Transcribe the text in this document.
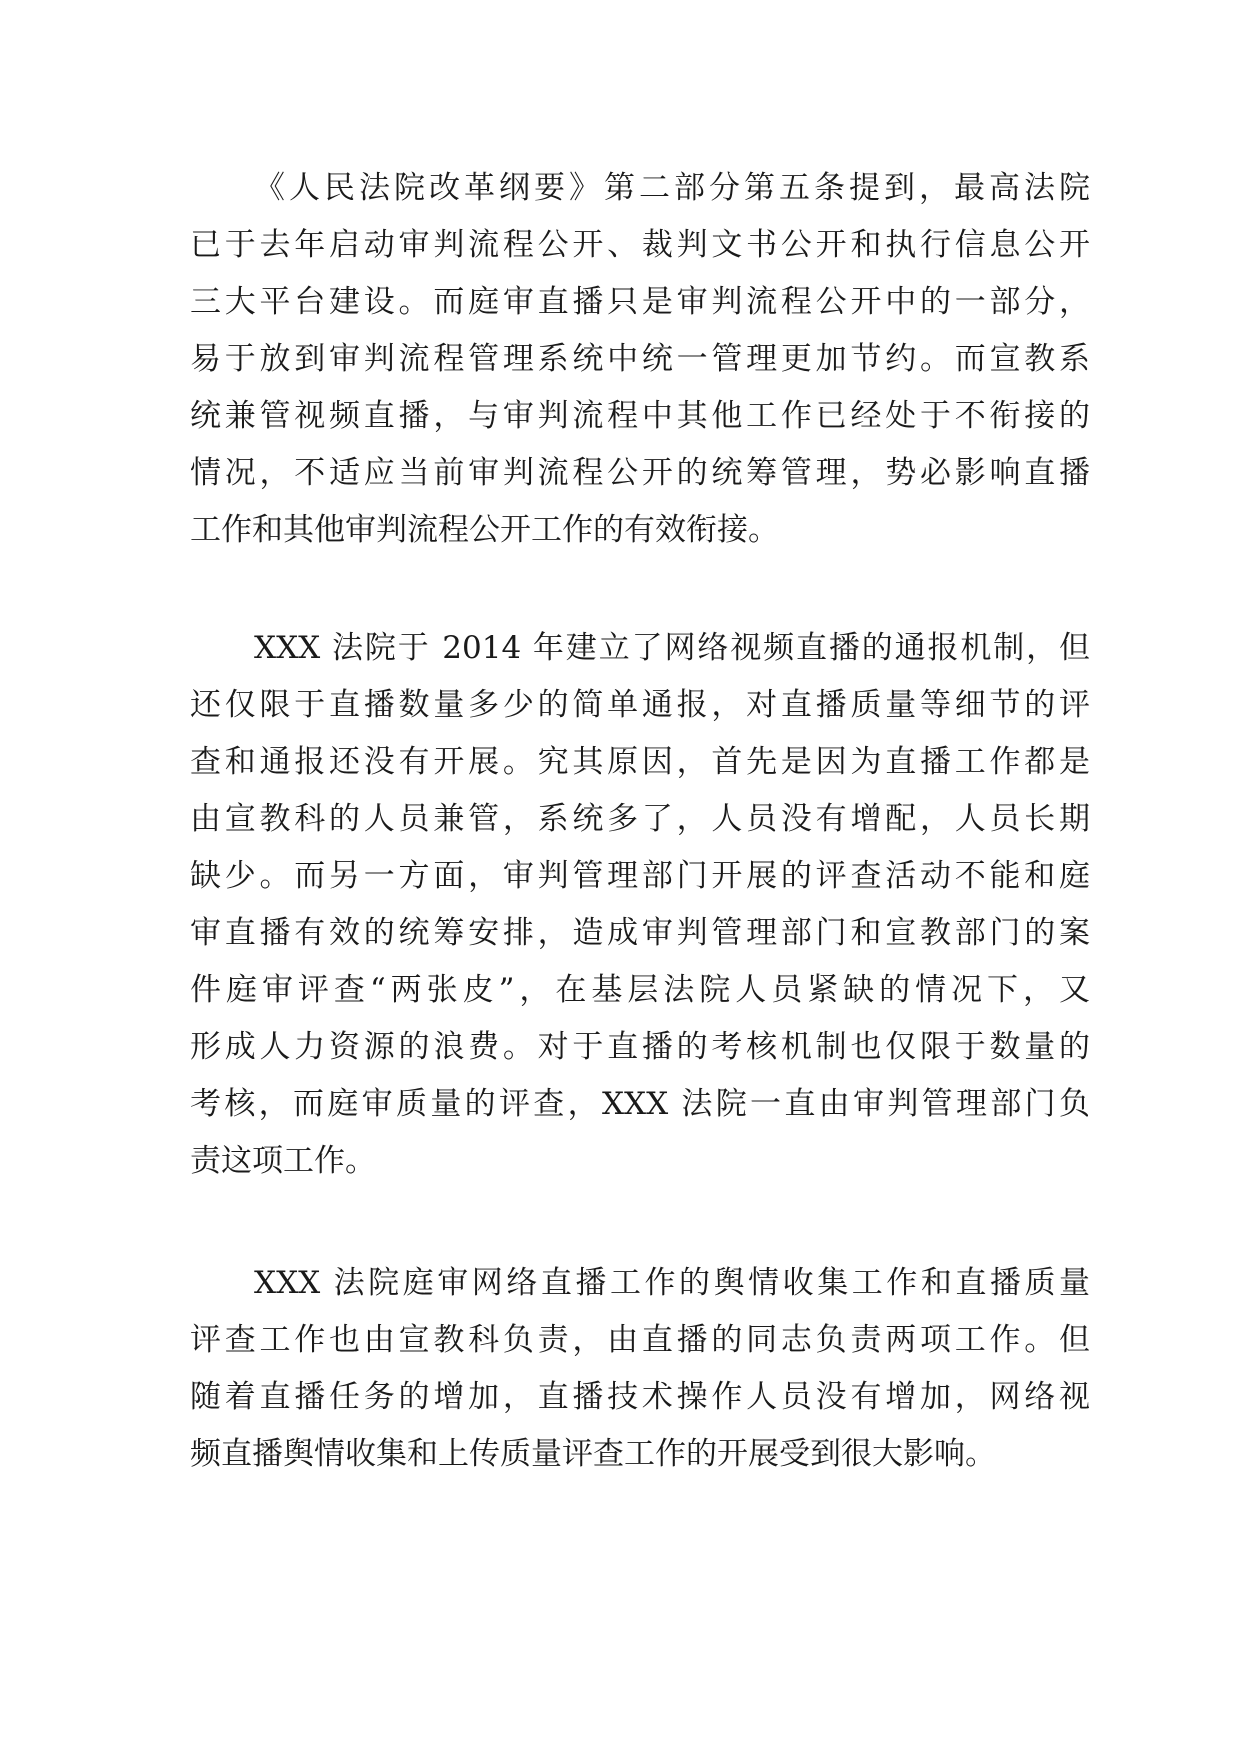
《人民法院改革纲要》第二部分第五条提到，最高法院
已于去年启动审判流程公开、裁判文书公开和执行信息公开
三大平台建设。而庭审直播只是审判流程公开中的一部分，
易于放到审判流程管理系统中统一管理更加节约。而宣教系
统兼管视频直播，与审判流程中其他工作已经处于不衔接的
情况，不适应当前审判流程公开的统筹管理，势必影响直播
工作和其他审判流程公开工作的有效衔接。
XXX 法院于 2014 年建立了网络视频直播的通报机制，但
还仅限于直播数量多少的简单通报，对直播质量等细节的评
查和通报还没有开展。究其原因，首先是因为直播工作都是
由宣教科的人员兼管，系统多了，人员没有增配，人员长期
缺少。而另一方面，审判管理部门开展的评查活动不能和庭
审直播有效的统筹安排，造成审判管理部门和宣教部门的案
件庭审评查“两张皮”，在基层法院人员紧缺的情况下，又
形成人力资源的浪费。对于直播的考核机制也仅限于数量的
考核，而庭审质量的评查，XXX 法院一直由审判管理部门负
责这项工作。
XXX 法院庭审网络直播工作的舆情收集工作和直播质量
评查工作也由宣教科负责，由直播的同志负责两项工作。但
随着直播任务的增加，直播技术操作人员没有增加，网络视
频直播舆情收集和上传质量评查工作的开展受到很大影响。
